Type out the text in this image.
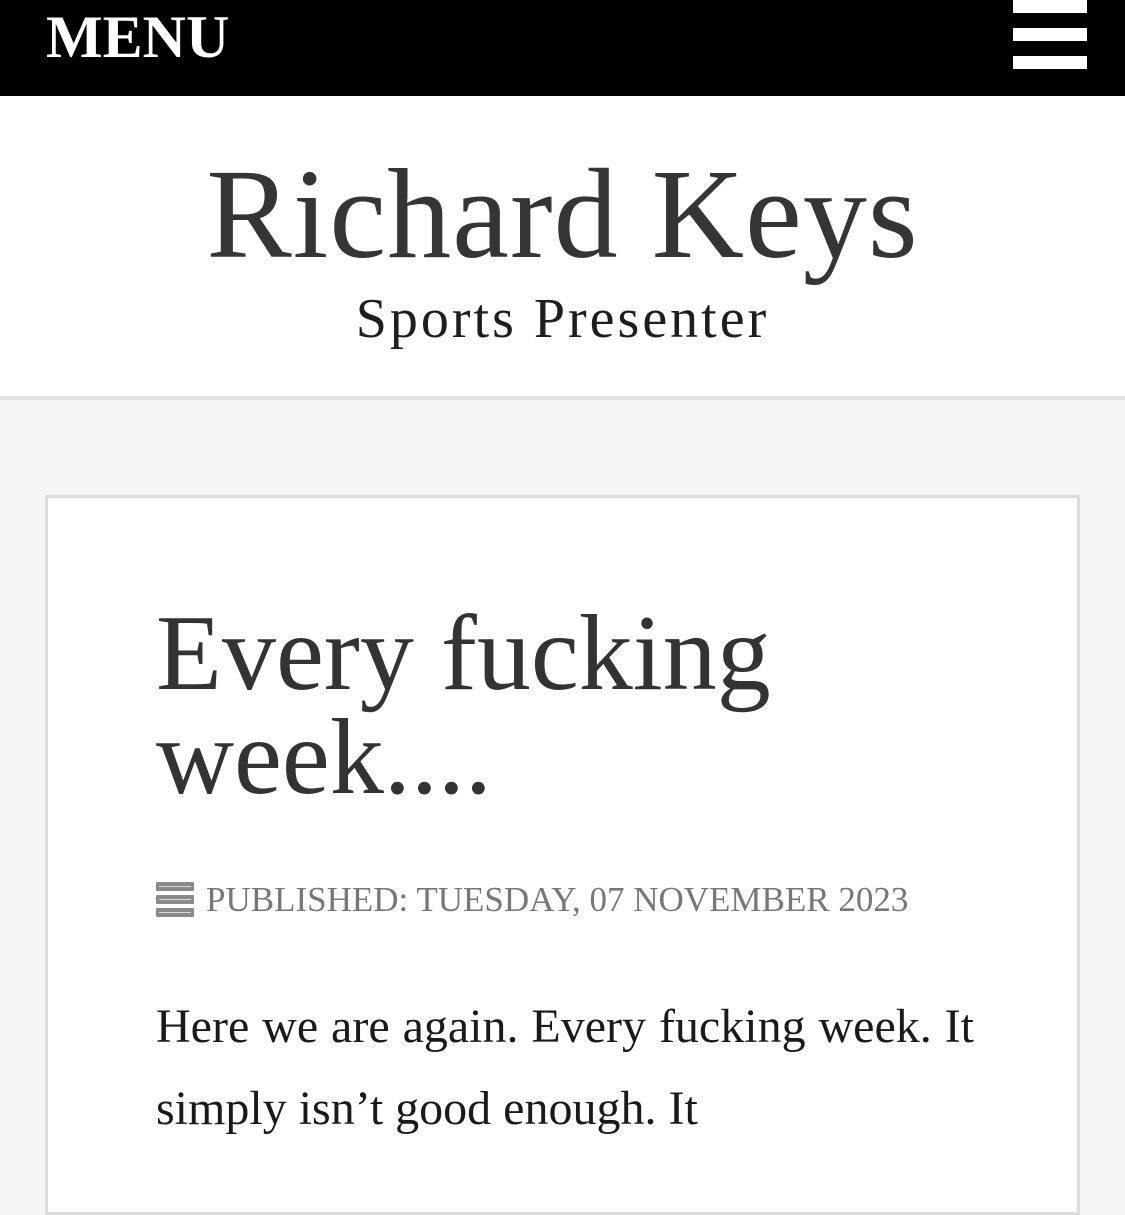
MENU
Richard Keys
Sports Presenter
Every fucking week....
PUBLISHED: TUESDAY, 07 NOVEMBER 2023

Here we are again. Every fucking week. It simply isn’t good enough. It
